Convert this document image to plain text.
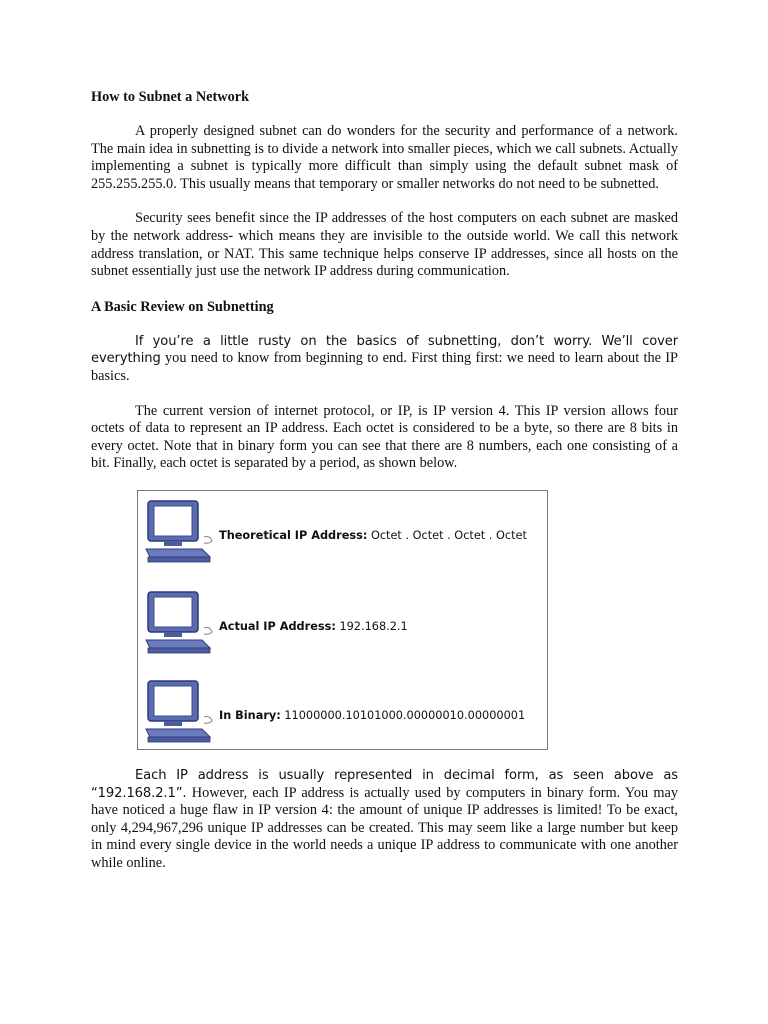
How to Subnet a Network

A properly designed subnet can do wonders for the security and performance of a network. The main idea in subnetting is to divide a network into smaller pieces, which we call subnets. Actually implementing a subnet is typically more difficult than simply using the default subnet mask of 255.255.255.0. This usually means that temporary or smaller networks do not need to be subnetted.

Security sees benefit since the IP addresses of the host computers on each subnet are masked by the network address- which means they are invisible to the outside world. We call this network address translation, or NAT. This same technique helps conserve IP addresses, since all hosts on the subnet essentially just use the network IP address during communication.

A Basic Review on Subnetting

If you’re a little rusty on the basics of subnetting, don’t worry. We’ll cover everything you need to know from beginning to end. First thing first: we need to learn about the IP basics.

The current version of internet protocol, or IP, is IP version 4. This IP version allows four octets of data to represent an IP address. Each octet is considered to be a byte, so there are 8 bits in every octet. Note that in binary form you can see that there are 8 numbers, each one consisting of a bit. Finally, each octet is separated by a period, as shown below.

Theoretical IP Address: Octet . Octet . Octet . Octet
Actual IP Address: 192.168.2.1
In Binary: 11000000.10101000.00000010.00000001

Each IP address is usually represented in decimal form, as seen above as “192.168.2.1”. However, each IP address is actually used by computers in binary form. You may have noticed a huge flaw in IP version 4: the amount of unique IP addresses is limited! To be exact, only 4,294,967,296 unique IP addresses can be created. This may seem like a large number but keep in mind every single device in the world needs a unique IP address to communicate with one another while online.
